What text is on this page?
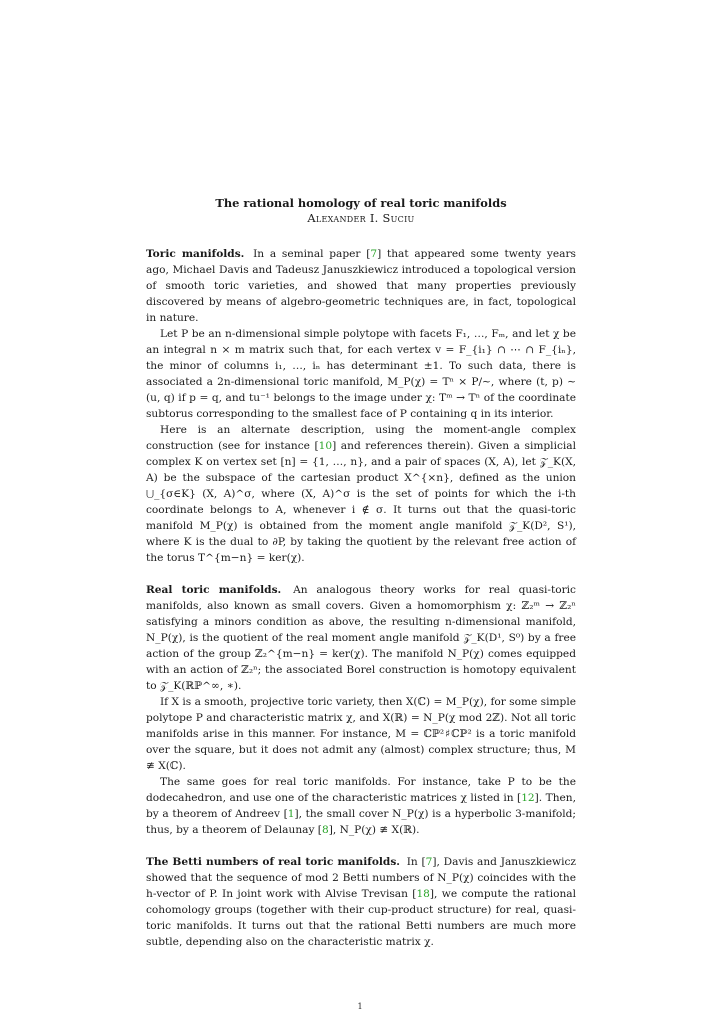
The rational homology of real toric manifolds

Alexander I. Suciu

Toric manifolds. In a seminal paper [7] that appeared some twenty years ago, Michael Davis and Tadeusz Januszkiewicz introduced a topological version of smooth toric varieties, and showed that many properties previously discovered by means of algebro-geometric techniques are, in fact, topological in nature.

Let P be an n-dimensional simple polytope with facets F₁, …, Fₘ, and let χ be an integral n × m matrix such that, for each vertex v = F_{i₁} ∩ ⋯ ∩ F_{iₙ}, the minor of columns i₁, …, iₙ has determinant ±1. To such data, there is associated a 2n-dimensional toric manifold, M_P(χ) = Tⁿ × P/∼, where (t, p) ∼ (u, q) if p = q, and tu⁻¹ belongs to the image under χ: Tᵐ → Tⁿ of the coordinate subtorus corresponding to the smallest face of P containing q in its interior.

Here is an alternate description, using the moment-angle complex construction (see for instance [10] and references therein). Given a simplicial complex K on vertex set [n] = {1, …, n}, and a pair of spaces (X, A), let 𝒵_K(X, A) be the subspace of the cartesian product X^{×n}, defined as the union ⋃_{σ∈K} (X, A)^σ, where (X, A)^σ is the set of points for which the i-th coordinate belongs to A, whenever i ∉ σ. It turns out that the quasi-toric manifold M_P(χ) is obtained from the moment angle manifold 𝒵_K(D², S¹), where K is the dual to ∂P, by taking the quotient by the relevant free action of the torus T^{m−n} = ker(χ).

Real toric manifolds. An analogous theory works for real quasi-toric manifolds, also known as small covers. Given a homomorphism χ: ℤ₂ᵐ → ℤ₂ⁿ satisfying a minors condition as above, the resulting n-dimensional manifold, N_P(χ), is the quotient of the real moment angle manifold 𝒵_K(D¹, S⁰) by a free action of the group ℤ₂^{m−n} = ker(χ). The manifold N_P(χ) comes equipped with an action of ℤ₂ⁿ; the associated Borel construction is homotopy equivalent to 𝒵_K(ℝℙ^∞, ∗).

If X is a smooth, projective toric variety, then X(ℂ) = M_P(χ), for some simple polytope P and characteristic matrix χ, and X(ℝ) = N_P(χ mod 2ℤ). Not all toric manifolds arise in this manner. For instance, M = ℂℙ²♯ℂℙ² is a toric manifold over the square, but it does not admit any (almost) complex structure; thus, M ≇ X(ℂ).

The same goes for real toric manifolds. For instance, take P to be the dodecahedron, and use one of the characteristic matrices χ listed in [12]. Then, by a theorem of Andreev [1], the small cover N_P(χ) is a hyperbolic 3-manifold; thus, by a theorem of Delaunay [8], N_P(χ) ≇ X(ℝ).

The Betti numbers of real toric manifolds. In [7], Davis and Januszkiewicz showed that the sequence of mod 2 Betti numbers of N_P(χ) coincides with the h-vector of P. In joint work with Alvise Trevisan [18], we compute the rational cohomology groups (together with their cup-product structure) for real, quasi-toric manifolds. It turns out that the rational Betti numbers are much more subtle, depending also on the characteristic matrix χ.

1
